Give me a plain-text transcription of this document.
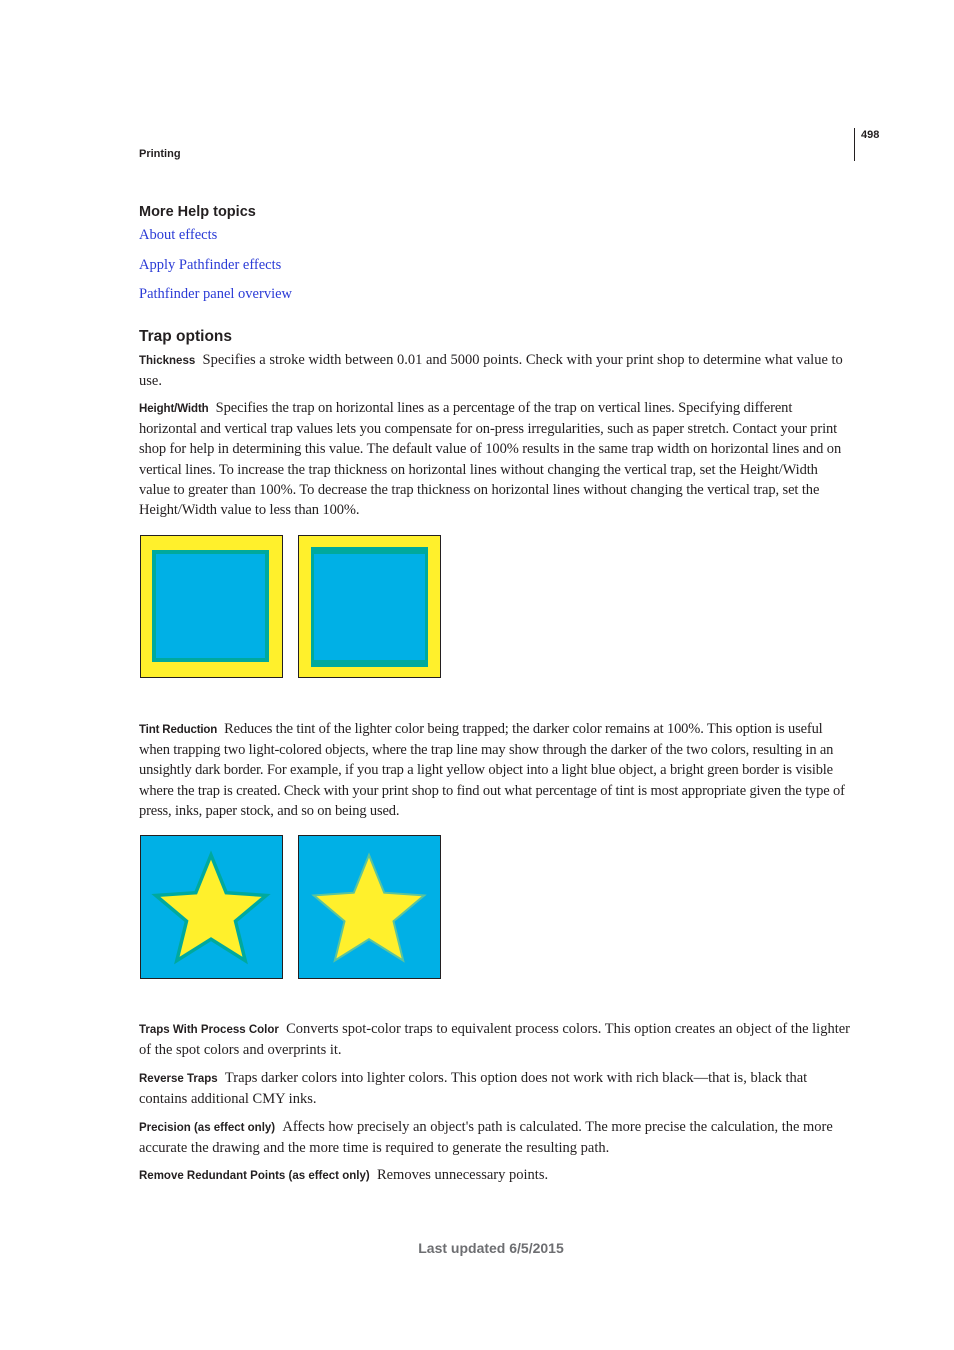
498
Printing
More Help topics
About effects
Apply Pathfinder effects
Pathfinder panel overview
Trap options

Thickness Specifies a stroke width between 0.01 and 5000 points. Check with your print shop to determine what value to use.

Height/Width Specifies the trap on horizontal lines as a percentage of the trap on vertical lines. Specifying different horizontal and vertical trap values lets you compensate for on-press irregularities, such as paper stretch. Contact your print shop for help in determining this value. The default value of 100% results in the same trap width on horizontal lines and on vertical lines. To increase the trap thickness on horizontal lines without changing the vertical trap, set the Height/Width value to greater than 100%. To decrease the trap thickness on horizontal lines without changing the vertical trap, set the Height/Width value to less than 100%.

Tint Reduction Reduces the tint of the lighter color being trapped; the darker color remains at 100%. This option is useful when trapping two light-colored objects, where the trap line may show through the darker of the two colors, resulting in an unsightly dark border. For example, if you trap a light yellow object into a light blue object, a bright green border is visible where the trap is created. Check with your print shop to find out what percentage of tint is most appropriate given the type of press, inks, paper stock, and so on being used.

Traps With Process Color Converts spot-color traps to equivalent process colors. This option creates an object of the lighter of the spot colors and overprints it.

Reverse Traps Traps darker colors into lighter colors. This option does not work with rich black—that is, black that contains additional CMY inks.

Precision (as effect only) Affects how precisely an object's path is calculated. The more precise the calculation, the more accurate the drawing and the more time is required to generate the resulting path.

Remove Redundant Points (as effect only) Removes unnecessary points.

Last updated 6/5/2015
